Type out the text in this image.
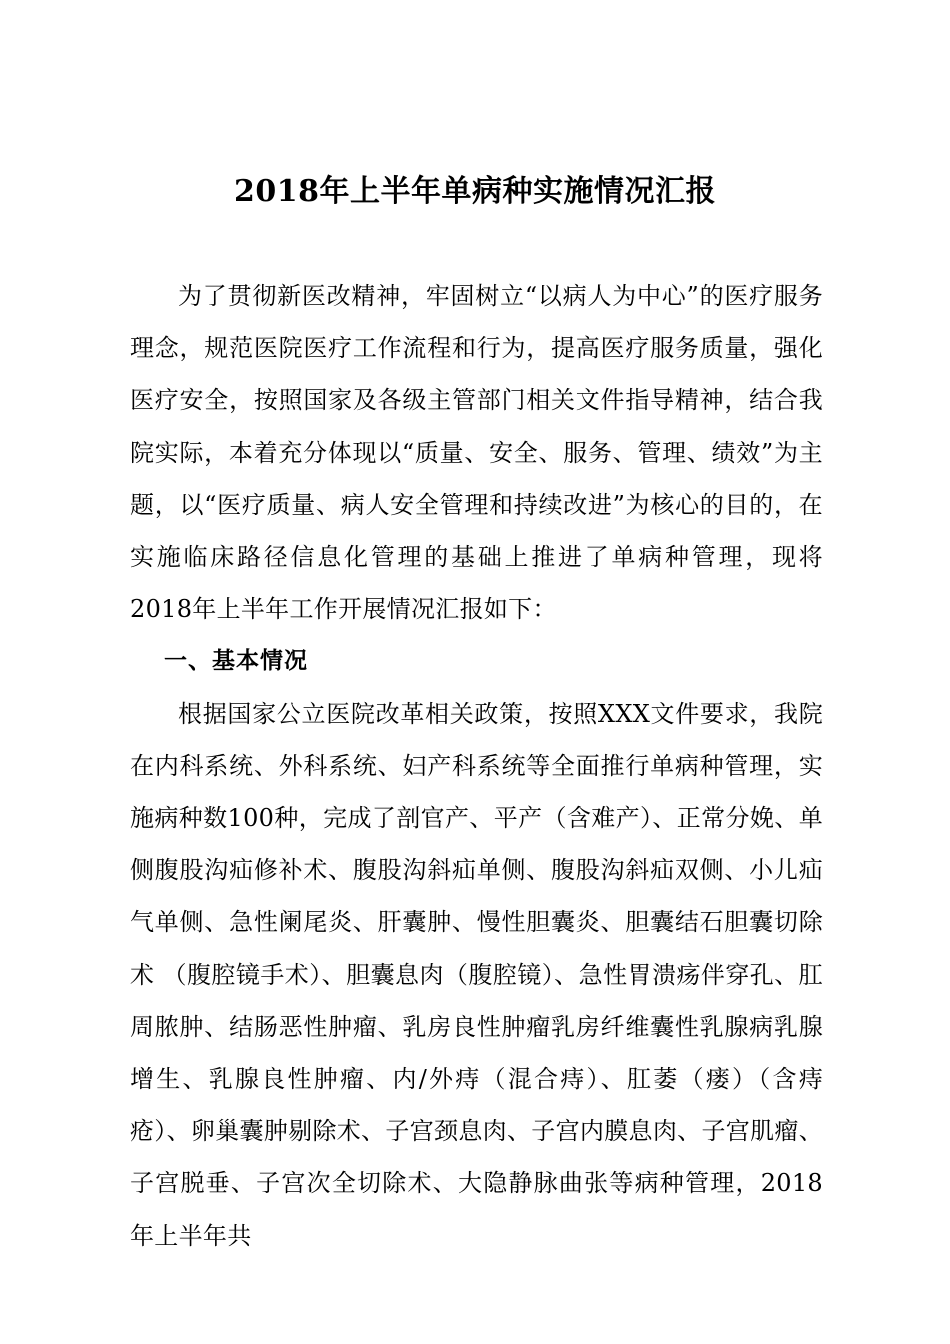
2018年上半年单病种实施情况汇报

为了贯彻新医改精神，牢固树立“以病人为中心”的医疗服务理念，规范医院医疗工作流程和行为，提高医疗服务质量，强化医疗安全，按照国家及各级主管部门相关文件指导精神，结合我院实际，本着充分体现以“质量、安全、服务、管理、绩效”为主题，以“医疗质量、病人安全管理和持续改进”为核心的目的，在实施临床路径信息化管理的基础上推进了单病种管理，现将2018年上半年工作开展情况汇报如下：

一、基本情况

根据国家公立医院改革相关政策，按照XXX文件要求，我院在内科系统、外科系统、妇产科系统等全面推行单病种管理，实施病种数100种，完成了剖官产、平产（含难产）、正常分娩、单侧腹股沟疝修补术、腹股沟斜疝单侧、腹股沟斜疝双侧、小儿疝气单侧、急性阑尾炎、肝囊肿、慢性胆囊炎、胆囊结石胆囊切除术 （腹腔镜手术）、胆囊息肉（腹腔镜）、急性胃溃疡伴穿孔、肛周脓肿、结肠恶性肿瘤、乳房良性肿瘤乳房纤维囊性乳腺病乳腺增生、乳腺良性肿瘤、内/外痔（混合痔）、肛萎（瘘）（含痔疮）、卵巢囊肿剔除术、子宫颈息肉、子宫内膜息肉、子宫肌瘤、子宫脱垂、子宫次全切除术、大隐静脉曲张等病种管理，2018年上半年共
